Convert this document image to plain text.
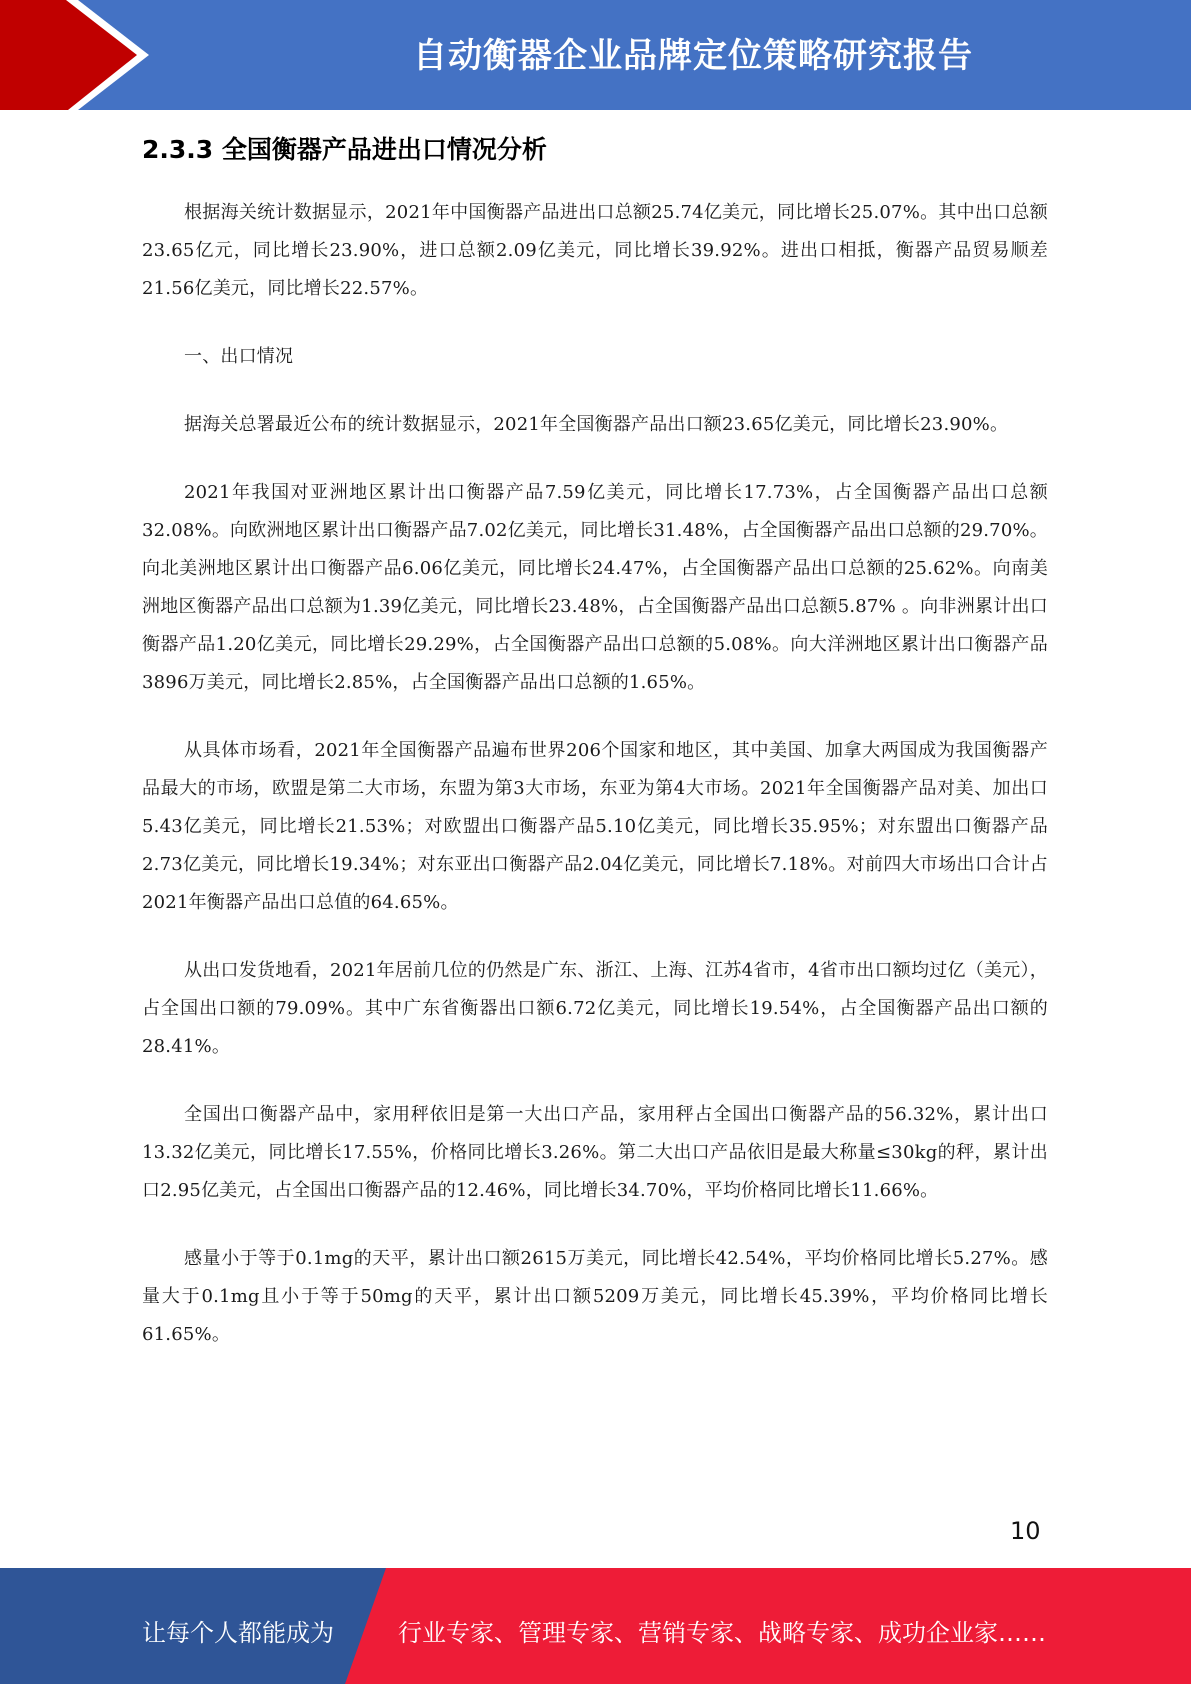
自动衡器企业品牌定位策略研究报告
2.3.3 全国衡器产品进出口情况分析

根据海关统计数据显示，2021年中国衡器产品进出口总额25.74亿美元，同比增长25.07%。其中出口总额23.65亿元，同比增长23.90%，进口总额2.09亿美元，同比增长39.92%。进出口相抵，衡器产品贸易顺差21.56亿美元，同比增长22.57%。

一、出口情况

据海关总署最近公布的统计数据显示，2021年全国衡器产品出口额23.65亿美元，同比增长23.90%。

2021年我国对亚洲地区累计出口衡器产品7.59亿美元，同比增长17.73%，占全国衡器产品出口总额32.08%。向欧洲地区累计出口衡器产品7.02亿美元，同比增长31.48%，占全国衡器产品出口总额的29.70%。向北美洲地区累计出口衡器产品6.06亿美元，同比增长24.47%，占全国衡器产品出口总额的25.62%。向南美洲地区衡器产品出口总额为1.39亿美元，同比增长23.48%，占全国衡器产品出口总额5.87% 。向非洲累计出口衡器产品1.20亿美元，同比增长29.29%，占全国衡器产品出口总额的5.08%。向大洋洲地区累计出口衡器产品3896万美元，同比增长2.85%，占全国衡器产品出口总额的1.65%。

从具体市场看，2021年全国衡器产品遍布世界206个国家和地区，其中美国、加拿大两国成为我国衡器产品最大的市场，欧盟是第二大市场，东盟为第3大市场，东亚为第4大市场。2021年全国衡器产品对美、加出口5.43亿美元，同比增长21.53%；对欧盟出口衡器产品5.10亿美元，同比增长35.95%；对东盟出口衡器产品2.73亿美元，同比增长19.34%；对东亚出口衡器产品2.04亿美元，同比增长7.18%。对前四大市场出口合计占2021年衡器产品出口总值的64.65%。

从出口发货地看，2021年居前几位的仍然是广东、浙江、上海、江苏4省市，4省市出口额均过亿（美元），占全国出口额的79.09%。其中广东省衡器出口额6.72亿美元，同比增长19.54%，占全国衡器产品出口额的28.41%。

全国出口衡器产品中，家用秤依旧是第一大出口产品，家用秤占全国出口衡器产品的56.32%，累计出口13.32亿美元，同比增长17.55%，价格同比增长3.26%。第二大出口产品依旧是最大称量≤30kg的秤，累计出口2.95亿美元，占全国出口衡器产品的12.46%，同比增长34.70%，平均价格同比增长11.66%。

感量小于等于0.1mg的天平，累计出口额2615万美元，同比增长42.54%，平均价格同比增长5.27%。感量大于0.1mg且小于等于50mg的天平，累计出口额5209万美元，同比增长45.39%，平均价格同比增长61.65%。

10
让每个人都能成为	行业专家、管理专家、营销专家、战略专家、成功企业家……
